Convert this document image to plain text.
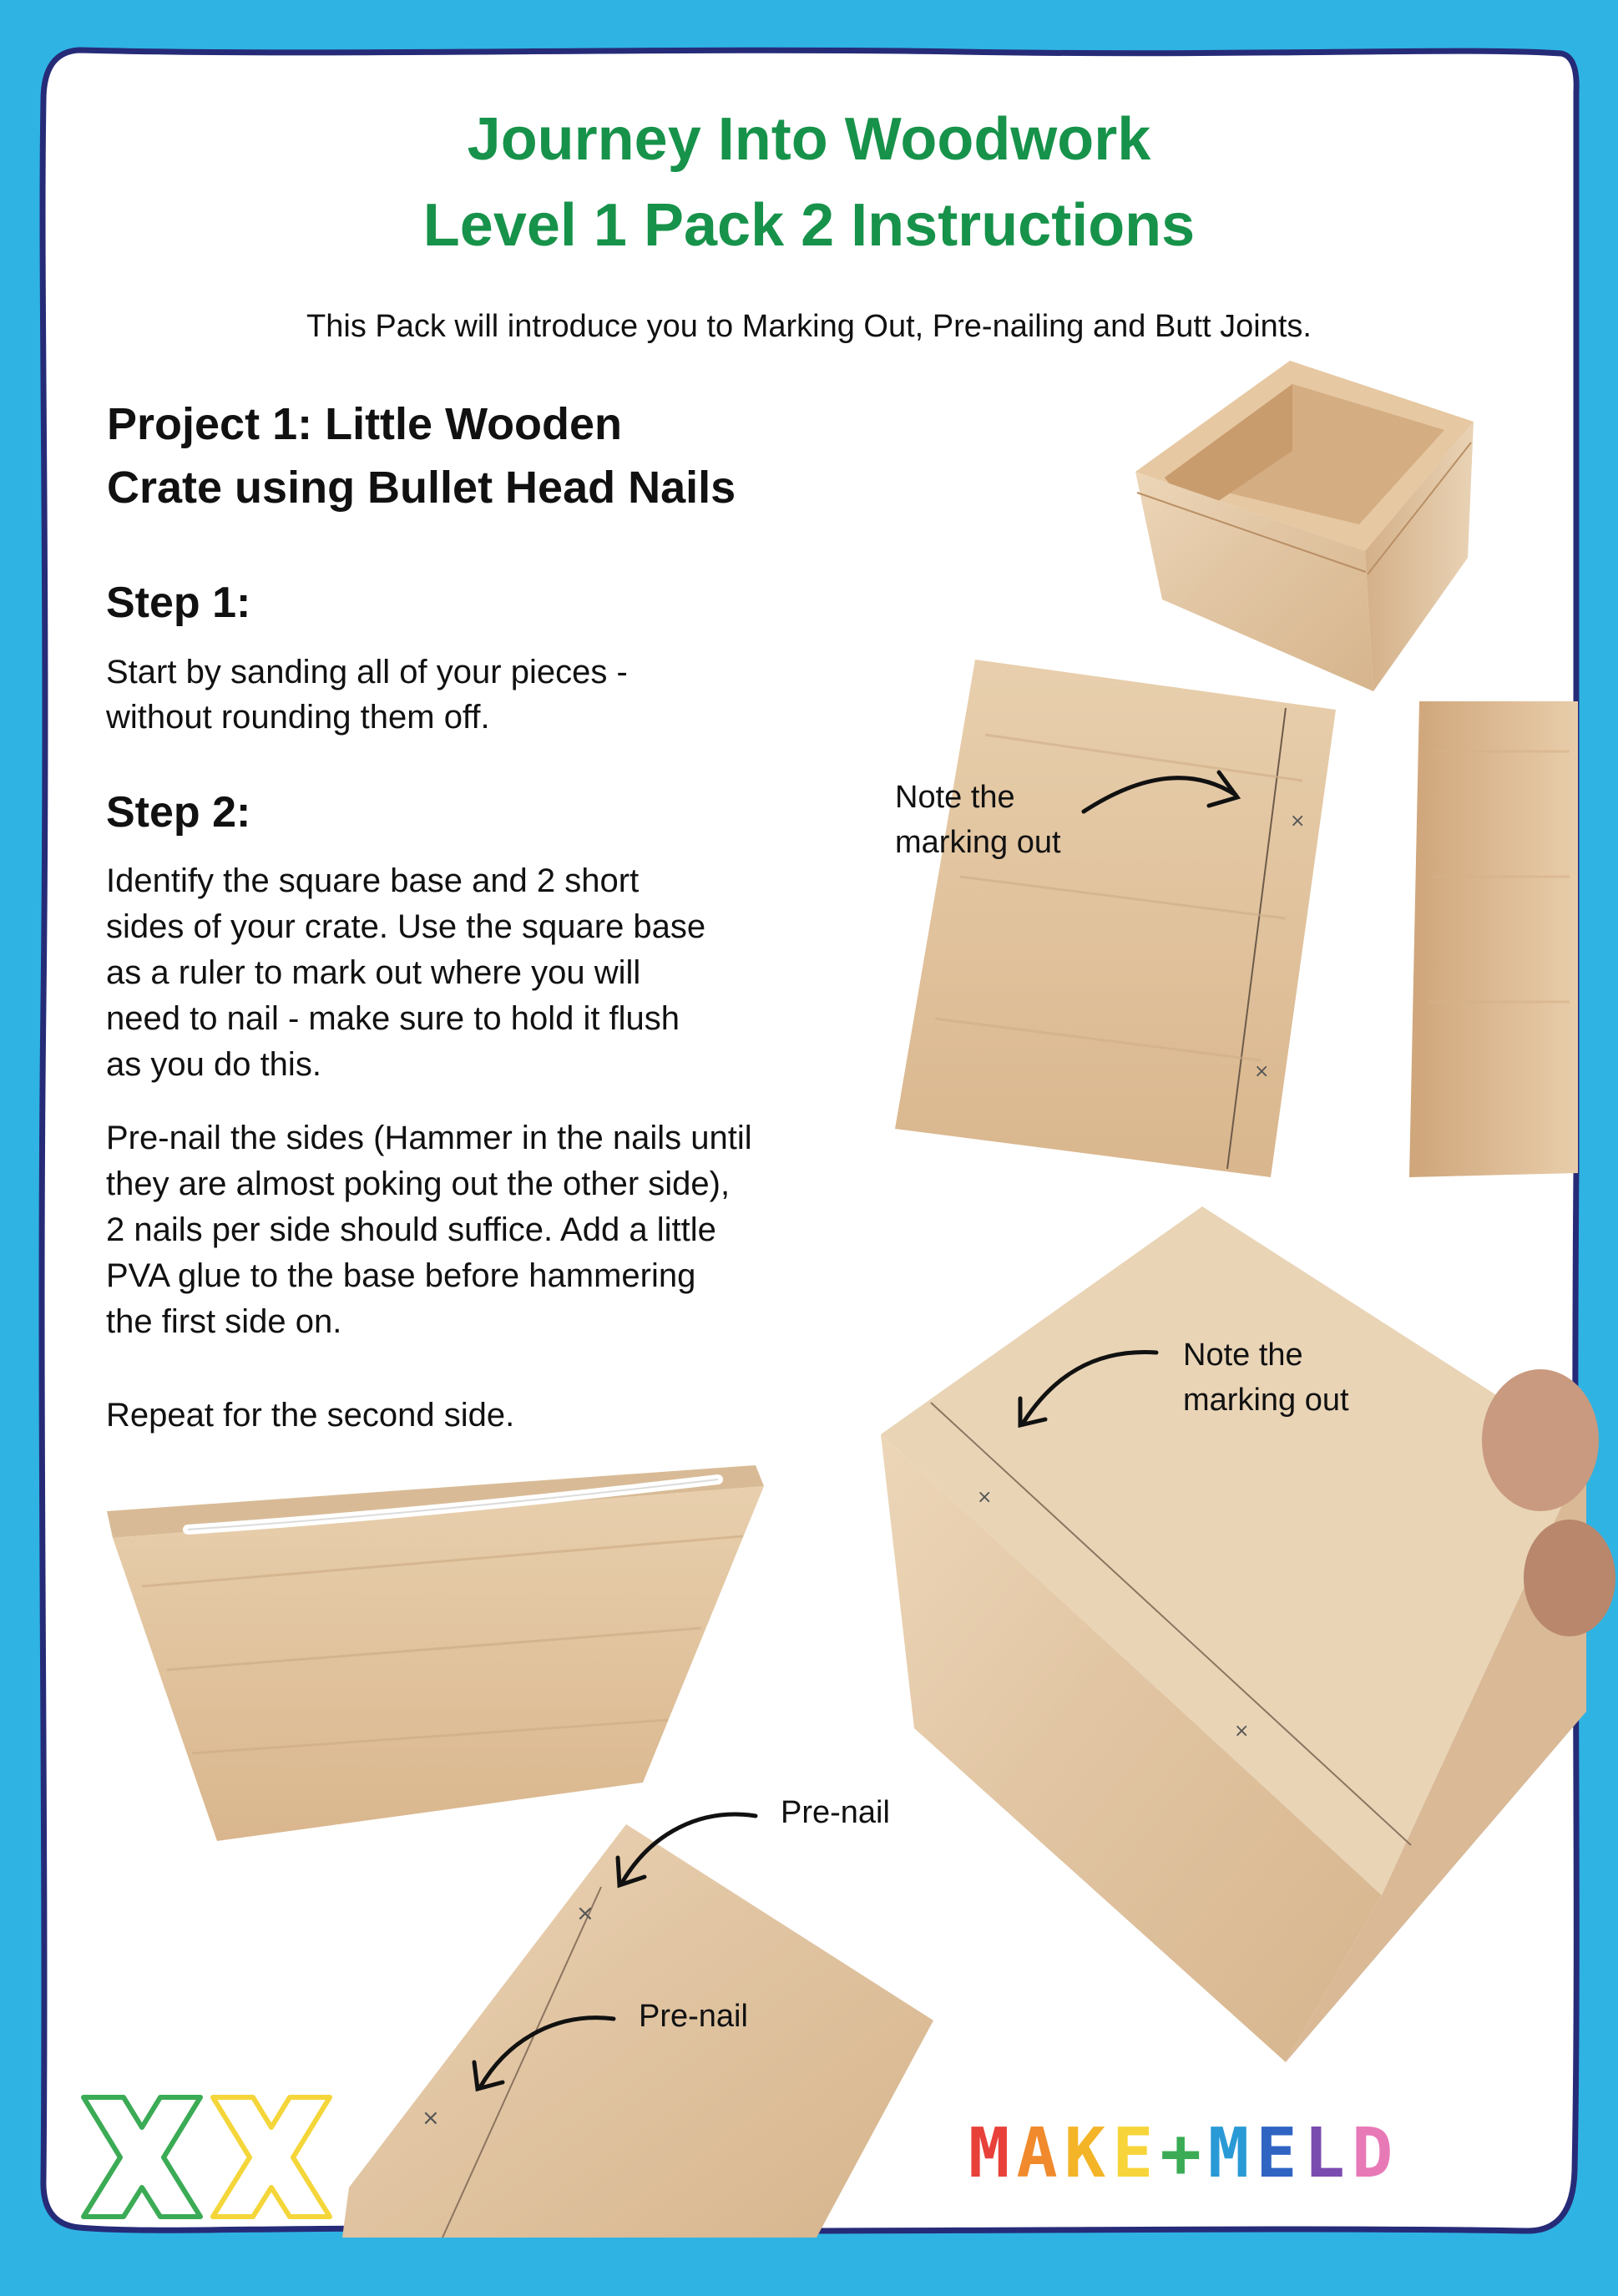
Journey Into Woodwork
Level 1 Pack 2 Instructions
This Pack will introduce you to Marking Out, Pre-nailing and Butt Joints.
Project 1: Little Wooden
Crate using Bullet Head Nails
Step 1:
Start by sanding all of your pieces -
without rounding them off.
Step 2:
Identify the square base and 2 short
sides of your crate. Use the square base
as a ruler to mark out where you will
need to nail - make sure to hold it flush
as you do this.
Pre-nail the sides (Hammer in the nails until
they are almost poking out the other side),
2 nails per side should suffice. Add a little
PVA glue to the base before hammering
the first side on.
Repeat for the second side.
×
×
×
×
×
×
Note the
marking out
Note the
marking out
Pre-nail
Pre-nail
M A K E + M E L D
